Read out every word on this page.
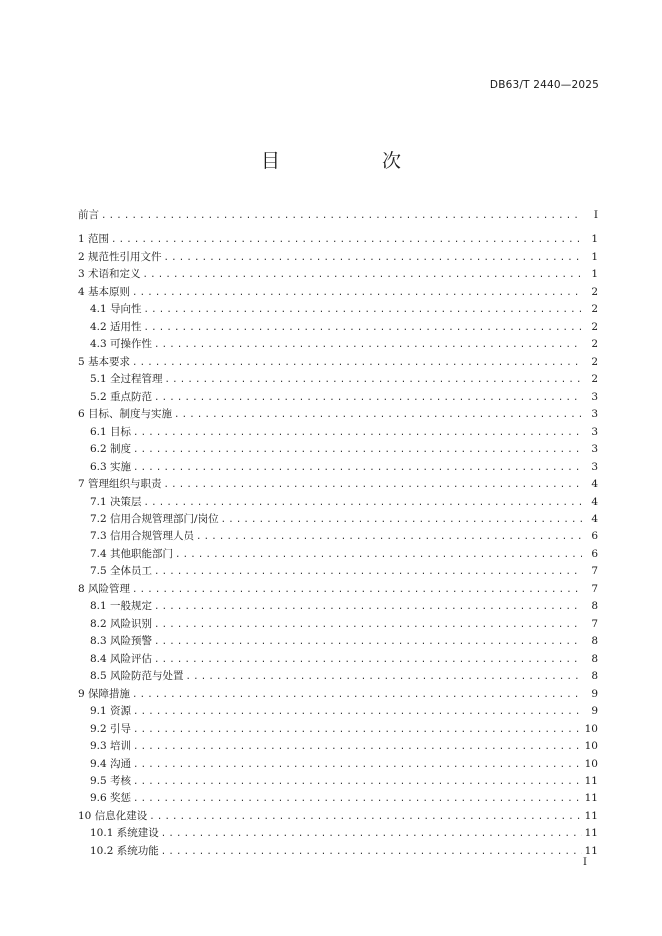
DB63/T 2440—2025
目 次
前言 .....	I
1 范围 .....	1
2 规范性引用文件 .....	1
3 术语和定义 .....	1
4 基本原则 .....	2
4.1 导向性 .....	2
4.2 适用性 .....	2
4.3 可操作性 .....	2
5 基本要求 .....	2
5.1 全过程管理 .....	2
5.2 重点防范 .....	3
6 目标、制度与实施 .....	3
6.1 目标 .....	3
6.2 制度 .....	3
6.3 实施 .....	3
7 管理组织与职责 .....	4
7.1 决策层 .....	4
7.2 信用合规管理部门/岗位 .....	4
7.3 信用合规管理人员 .....	6
7.4 其他职能部门 .....	6
7.5 全体员工 .....	7
8 风险管理 .....	7
8.1 一般规定 .....	8
8.2 风险识别 .....	7
8.3 风险预警 .....	8
8.4 风险评估 .....	8
8.5 风险防范与处置 .....	8
9 保障措施 .....	9
9.1 资源 .....	9
9.2 引导 .....	10
9.3 培训 .....	10
9.4 沟通 .....	10
9.5 考核 .....	11
9.6 奖惩 .....	11
10 信息化建设 .....	11
10.1 系统建设 .....	11
10.2 系统功能 .....	11
I
